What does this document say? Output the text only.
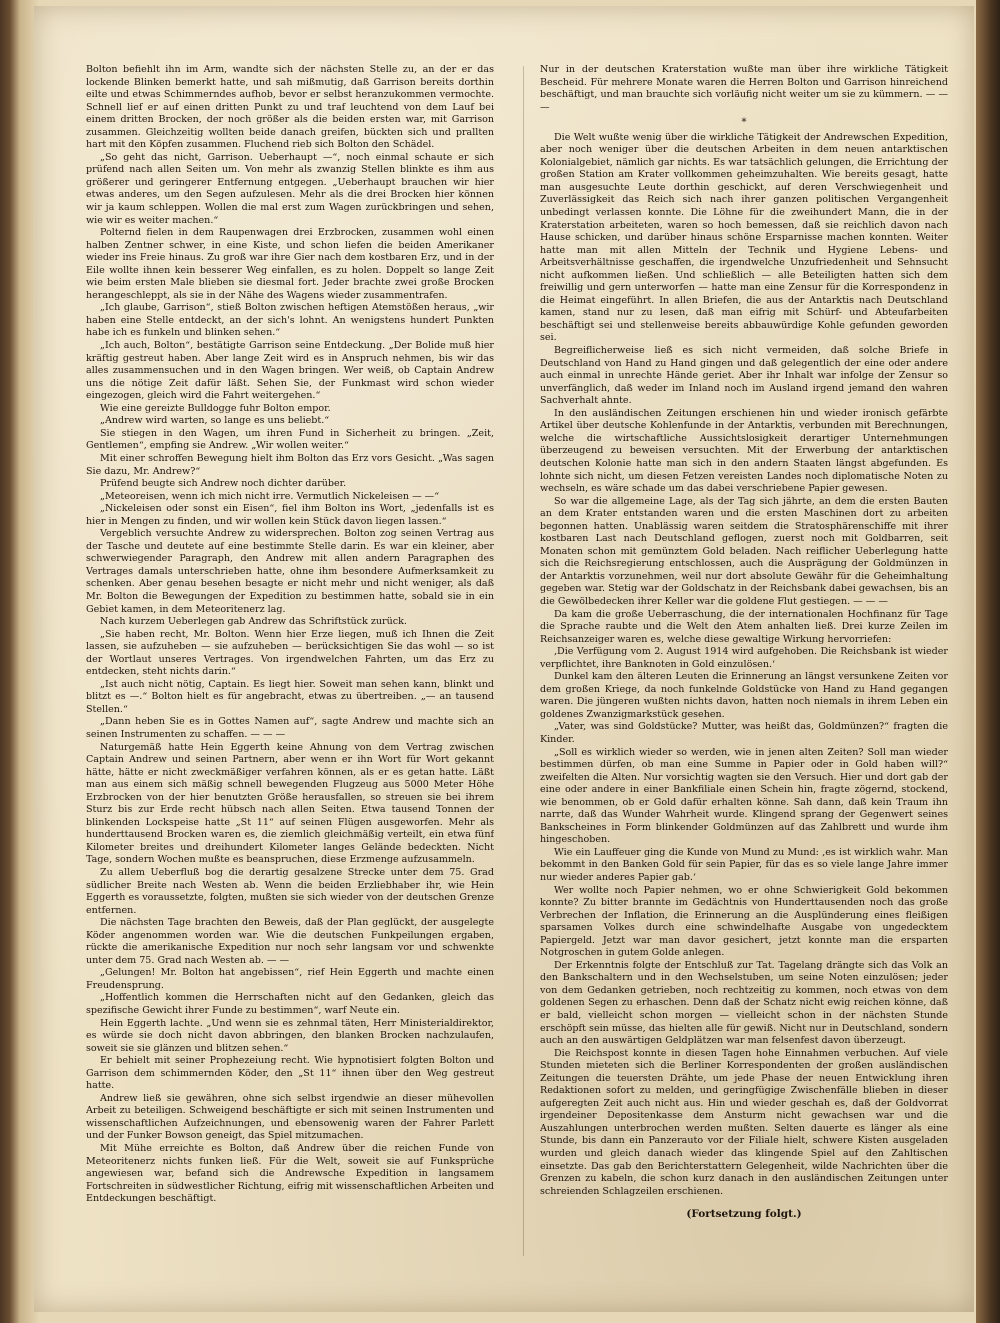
Bolton befiehlt ihn im Arm, wandte sich der nächsten Stelle zu, an der er das lockende Blinken bemerkt hatte, und sah mißmutig, daß Garrison bereits dorthin eilte und etwas Schimmerndes aufhob, bevor er selbst heranzukommen vermochte. Schnell lief er auf einen dritten Punkt zu und traf leuchtend von dem Lauf bei einem dritten Brocken, der noch größer als die beiden ersten war, mit Garrison zusammen. Gleichzeitig wollten beide danach greifen, bückten sich und prallten hart mit den Köpfen zusammen. Fluchend rieb sich Bolton den Schädel.

„So geht das nicht, Garrison. Ueberhaupt —“, noch einmal schaute er sich prüfend nach allen Seiten um. Von mehr als zwanzig Stellen blinkte es ihm aus größerer und geringerer Entfernung entgegen. „Ueberhaupt brauchen wir hier etwas anderes, um den Segen aufzulesen. Mehr als die drei Brocken hier können wir ja kaum schleppen. Wollen die mal erst zum Wagen zurückbringen und sehen, wie wir es weiter machen.“

Polternd fielen in dem Raupenwagen drei Erzbrocken, zusammen wohl einen halben Zentner schwer, in eine Kiste, und schon liefen die beiden Amerikaner wieder ins Freie hinaus. Zu groß war ihre Gier nach dem kostbaren Erz, und in der Eile wollte ihnen kein besserer Weg einfallen, es zu holen. Doppelt so lange Zeit wie beim ersten Male blieben sie diesmal fort. Jeder brachte zwei große Brocken herangeschleppt, als sie in der Nähe des Wagens wieder zusammentrafen.

„Ich glaube, Garrison“, stieß Bolton zwischen heftigen Atemstößen heraus, „wir haben eine Stelle entdeckt, an der sich's lohnt. An wenigstens hundert Punkten habe ich es funkeln und blinken sehen.“

„Ich auch, Bolton“, bestätigte Garrison seine Entdeckung. „Der Bolide muß hier kräftig gestreut haben. Aber lange Zeit wird es in Anspruch nehmen, bis wir das alles zusammensuchen und in den Wagen bringen. Wer weiß, ob Captain Andrew uns die nötige Zeit dafür läßt. Sehen Sie, der Funkmast wird schon wieder eingezogen, gleich wird die Fahrt weitergehen.“

Wie eine gereizte Bulldogge fuhr Bolton empor.

„Andrew wird warten, so lange es uns beliebt.“

Sie stiegen in den Wagen, um ihren Fund in Sicherheit zu bringen. „Zeit, Gentlemen“, empfing sie Andrew. „Wir wollen weiter.“

Mit einer schroffen Bewegung hielt ihm Bolton das Erz vors Gesicht. „Was sagen Sie dazu, Mr. Andrew?“

Prüfend beugte sich Andrew noch dichter darüber.

„Meteoreisen, wenn ich mich nicht irre. Vermutlich Nickeleisen — —“

„Nickeleisen oder sonst ein Eisen“, fiel ihm Bolton ins Wort, „jedenfalls ist es hier in Mengen zu finden, und wir wollen kein Stück davon liegen lassen.“

Vergeblich versuchte Andrew zu widersprechen. Bolton zog seinen Vertrag aus der Tasche und deutete auf eine bestimmte Stelle darin. Es war ein kleiner, aber schwerwiegender Paragraph, den Andrew mit allen andern Paragraphen des Vertrages damals unterschrieben hatte, ohne ihm besondere Aufmerksamkeit zu schenken. Aber genau besehen besagte er nicht mehr und nicht weniger, als daß Mr. Bolton die Bewegungen der Expedition zu bestimmen hatte, sobald sie in ein Gebiet kamen, in dem Meteoritenerz lag.

Nach kurzem Ueberlegen gab Andrew das Schriftstück zurück.

„Sie haben recht, Mr. Bolton. Wenn hier Erze liegen, muß ich Ihnen die Zeit lassen, sie aufzuheben — sie aufzuheben — berücksichtigen Sie das wohl — so ist der Wortlaut unseres Vertrages. Von irgendwelchen Fahrten, um das Erz zu entdecken, steht nichts darin.“

„Ist auch nicht nötig, Captain. Es liegt hier. Soweit man sehen kann, blinkt und blitzt es —.“ Bolton hielt es für angebracht, etwas zu übertreiben. „— an tausend Stellen.“

„Dann heben Sie es in Gottes Namen auf“, sagte Andrew und machte sich an seinen Instrumenten zu schaffen. — — —

Naturgemäß hatte Hein Eggerth keine Ahnung von dem Vertrag zwischen Captain Andrew und seinen Partnern, aber wenn er ihn Wort für Wort gekannt hätte, hätte er nicht zweckmäßiger verfahren können, als er es getan hatte. Läßt man aus einem sich mäßig schnell bewegenden Flugzeug aus 5000 Meter Höhe Erzbrocken von der hier benutzten Größe herausfallen, so streuen sie bei ihrem Sturz bis zur Erde recht hübsch nach allen Seiten. Etwa tausend Tonnen der blinkenden Lockspeise hatte „St 11“ auf seinen Flügen ausgeworfen. Mehr als hunderttausend Brocken waren es, die ziemlich gleichmäßig verteilt, ein etwa fünf Kilometer breites und dreihundert Kilometer langes Gelände bedeckten. Nicht Tage, sondern Wochen mußte es beanspruchen, diese Erzmenge aufzusammeln.

Zu allem Ueberfluß bog die derartig gesalzene Strecke unter dem 75. Grad südlicher Breite nach Westen ab. Wenn die beiden Erzliebhaber ihr, wie Hein Eggerth es voraussetzte, folgten, mußten sie sich wieder von der deutschen Grenze entfernen.

Die nächsten Tage brachten den Beweis, daß der Plan geglückt, der ausgelegte Köder angenommen worden war. Wie die deutschen Funkpeilungen ergaben, rückte die amerikanische Expedition nur noch sehr langsam vor und schwenkte unter dem 75. Grad nach Westen ab. — —

„Gelungen! Mr. Bolton hat angebissen“, rief Hein Eggerth und machte einen Freudensprung.

„Hoffentlich kommen die Herrschaften nicht auf den Gedanken, gleich das spezifische Gewicht ihrer Funde zu bestimmen“, warf Neute ein.

Hein Eggerth lachte. „Und wenn sie es zehnmal täten, Herr Ministerialdirektor, es würde sie doch nicht davon abbringen, den blanken Brocken nachzulaufen, soweit sie sie glänzen und blitzen sehen.“

Er behielt mit seiner Prophezeiung recht. Wie hypnotisiert folgten Bolton und Garrison dem schimmernden Köder, den „St 11“ ihnen über den Weg gestreut hatte.

Andrew ließ sie gewähren, ohne sich selbst irgendwie an dieser mühevollen Arbeit zu beteiligen. Schweigend beschäftigte er sich mit seinen Instrumenten und wissenschaftlichen Aufzeichnungen, und ebensowenig waren der Fahrer Parlett und der Funker Bowson geneigt, das Spiel mitzumachen.

Mit Mühe erreichte es Bolton, daß Andrew über die reichen Funde von Meteoritenerz nichts funken ließ. Für die Welt, soweit sie auf Funksprüche angewiesen war, befand sich die Andrewsche Expedition in langsamem Fortschreiten in südwestlicher Richtung, eifrig mit wissenschaftlichen Arbeiten und Entdeckungen beschäftigt.

Nur in der deutschen Kraterstation wußte man über ihre wirkliche Tätigkeit Bescheid. Für mehrere Monate waren die Herren Bolton und Garrison hinreichend beschäftigt, und man brauchte sich vorläufig nicht weiter um sie zu kümmern. — — —

*

Die Welt wußte wenig über die wirkliche Tätigkeit der Andrewschen Expedition, aber noch weniger über die deutschen Arbeiten in dem neuen antarktischen Kolonialgebiet, nämlich gar nichts. Es war tatsächlich gelungen, die Errichtung der großen Station am Krater vollkommen geheimzuhalten. Wie bereits gesagt, hatte man ausgesuchte Leute dorthin geschickt, auf deren Verschwiegenheit und Zuverlässigkeit das Reich sich nach ihrer ganzen politischen Vergangenheit unbedingt verlassen konnte. Die Löhne für die zweihundert Mann, die in der Kraterstation arbeiteten, waren so hoch bemessen, daß sie reichlich davon nach Hause schicken, und darüber hinaus schöne Ersparnisse machen konnten. Weiter hatte man mit allen Mitteln der Technik und Hygiene Lebens- und Arbeitsverhältnisse geschaffen, die irgendwelche Unzufriedenheit und Sehnsucht nicht aufkommen ließen. Und schließlich — alle Beteiligten hatten sich dem freiwillig und gern unterworfen — hatte man eine Zensur für die Korrespondenz in die Heimat eingeführt. In allen Briefen, die aus der Antarktis nach Deutschland kamen, stand nur zu lesen, daß man eifrig mit Schürf- und Abteufarbeiten beschäftigt sei und stellenweise bereits abbauwürdige Kohle gefunden geworden sei.

Begreiflicherweise ließ es sich nicht vermeiden, daß solche Briefe in Deutschland von Hand zu Hand gingen und daß gelegentlich der eine oder andere auch einmal in unrechte Hände geriet. Aber ihr Inhalt war infolge der Zensur so unverfänglich, daß weder im Inland noch im Ausland irgend jemand den wahren Sachverhalt ahnte.

In den ausländischen Zeitungen erschienen hin und wieder ironisch gefärbte Artikel über deutsche Kohlenfunde in der Antarktis, verbunden mit Berechnungen, welche die wirtschaftliche Aussichtslosigkeit derartiger Unternehmungen überzeugend zu beweisen versuchten. Mit der Erwerbung der antarktischen deutschen Kolonie hatte man sich in den andern Staaten längst abgefunden. Es lohnte sich nicht, um diesen Fetzen vereisten Landes noch diplomatische Noten zu wechseln, es wäre schade um das dabei verschriebene Papier gewesen.

So war die allgemeine Lage, als der Tag sich jährte, an dem die ersten Bauten an dem Krater entstanden waren und die ersten Maschinen dort zu arbeiten begonnen hatten. Unablässig waren seitdem die Stratosphärenschiffe mit ihrer kostbaren Last nach Deutschland geflogen, zuerst noch mit Goldbarren, seit Monaten schon mit gemünztem Gold beladen. Nach reiflicher Ueberlegung hatte sich die Reichsregierung entschlossen, auch die Ausprägung der Goldmünzen in der Antarktis vorzunehmen, weil nur dort absolute Gewähr für die Geheimhaltung gegeben war. Stetig war der Goldschatz in der Reichsbank dabei gewachsen, bis an die Gewölbedecken ihrer Keller war die goldene Flut gestiegen. — — —

Da kam die große Ueberraschung, die der internationalen Hochfinanz für Tage die Sprache raubte und die Welt den Atem anhalten ließ. Drei kurze Zeilen im Reichsanzeiger waren es, welche diese gewaltige Wirkung hervorriefen:

‚Die Verfügung vom 2. August 1914 wird aufgehoben. Die Reichsbank ist wieder verpflichtet, ihre Banknoten in Gold einzulösen.‘

Dunkel kam den älteren Leuten die Erinnerung an längst versunkene Zeiten vor dem großen Kriege, da noch funkelnde Goldstücke von Hand zu Hand gegangen waren. Die jüngeren wußten nichts davon, hatten noch niemals in ihrem Leben ein goldenes Zwanzigmarkstück gesehen.

„Vater, was sind Goldstücke? Mutter, was heißt das, Goldmünzen?“ fragten die Kinder.

„Soll es wirklich wieder so werden, wie in jenen alten Zeiten? Soll man wieder bestimmen dürfen, ob man eine Summe in Papier oder in Gold haben will?“ zweifelten die Alten. Nur vorsichtig wagten sie den Versuch. Hier und dort gab der eine oder andere in einer Bankfiliale einen Schein hin, fragte zögernd, stockend, wie benommen, ob er Gold dafür erhalten könne. Sah dann, daß kein Traum ihn narrte, daß das Wunder Wahrheit wurde. Klingend sprang der Gegenwert seines Bankscheines in Form blinkender Goldmünzen auf das Zahlbrett und wurde ihm hingeschoben.

Wie ein Lauffeuer ging die Kunde von Mund zu Mund: ‚es ist wirklich wahr. Man bekommt in den Banken Gold für sein Papier, für das es so viele lange Jahre immer nur wieder anderes Papier gab.‘

Wer wollte noch Papier nehmen, wo er ohne Schwierigkeit Gold bekommen konnte? Zu bitter brannte im Gedächtnis von Hunderttausenden noch das große Verbrechen der Inflation, die Erinnerung an die Ausplünderung eines fleißigen sparsamen Volkes durch eine schwindelhafte Ausgabe von ungedecktem Papiergeld. Jetzt war man davor gesichert, jetzt konnte man die ersparten Notgroschen in gutem Golde anlegen.

Der Erkenntnis folgte der Entschluß zur Tat. Tagelang drängte sich das Volk an den Bankschaltern und in den Wechselstuben, um seine Noten einzulösen; jeder von dem Gedanken getrieben, noch rechtzeitig zu kommen, noch etwas von dem goldenen Segen zu erhaschen. Denn daß der Schatz nicht ewig reichen könne, daß er bald, vielleicht schon morgen — vielleicht schon in der nächsten Stunde erschöpft sein müsse, das hielten alle für gewiß. Nicht nur in Deutschland, sondern auch an den auswärtigen Geldplätzen war man felsenfest davon überzeugt.

Die Reichspost konnte in diesen Tagen hohe Einnahmen verbuchen. Auf viele Stunden mieteten sich die Berliner Korrespondenten der großen ausländischen Zeitungen die teuersten Drähte, um jede Phase der neuen Entwicklung ihren Redaktionen sofort zu melden, und geringfügige Zwischenfälle blieben in dieser aufgeregten Zeit auch nicht aus. Hin und wieder geschah es, daß der Goldvorrat irgendeiner Depositenkasse dem Ansturm nicht gewachsen war und die Auszahlungen unterbrochen werden mußten. Selten dauerte es länger als eine Stunde, bis dann ein Panzerauto vor der Filiale hielt, schwere Kisten ausgeladen wurden und gleich danach wieder das klingende Spiel auf den Zahltischen einsetzte. Das gab den Berichterstattern Gelegenheit, wilde Nachrichten über die Grenzen zu kabeln, die schon kurz danach in den ausländischen Zeitungen unter schreienden Schlagzeilen erschienen.

(Fortsetzung folgt.)
